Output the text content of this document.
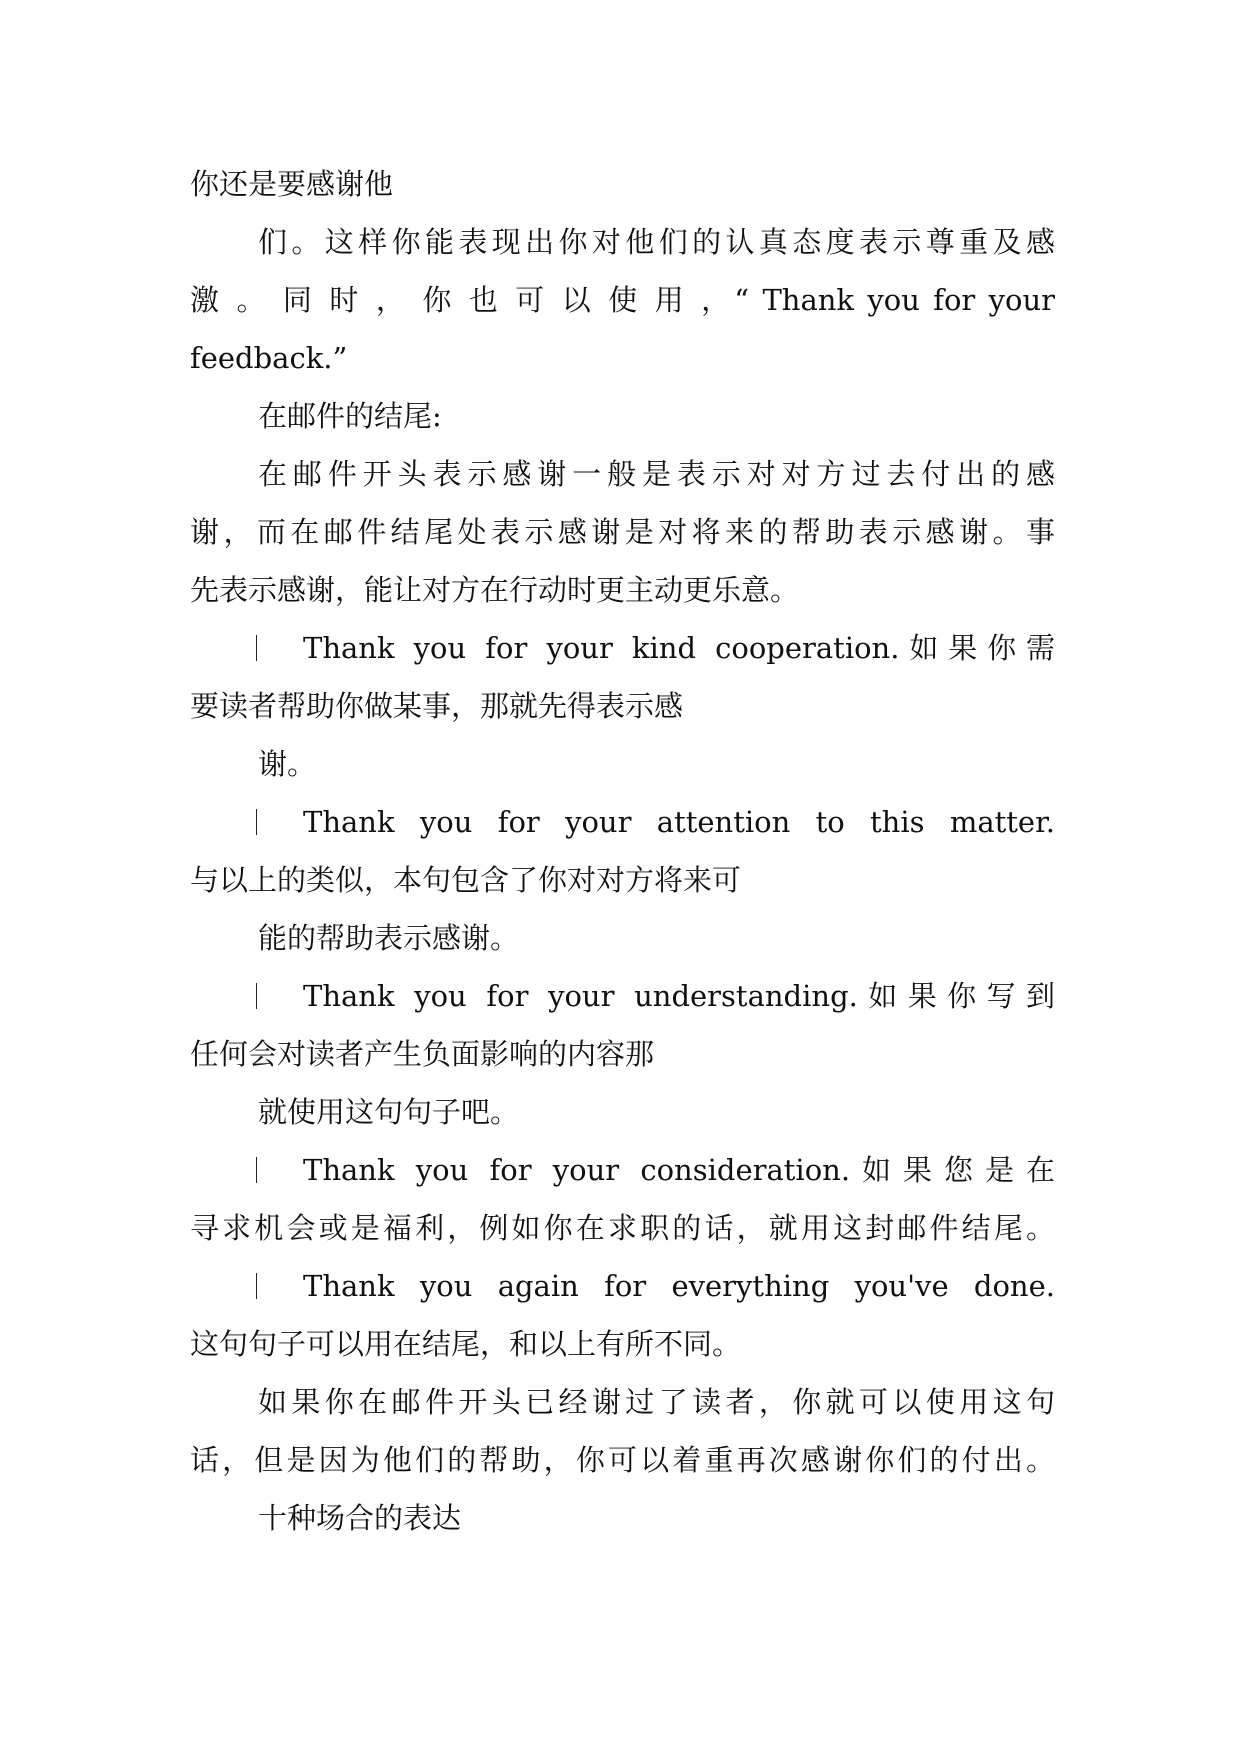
你还是要感谢他
们。这样你能表现出你对他们的认真态度表示尊重及感
激 。 同 时 ， 你 也 可 以 使 用 ，“ Thank you for your
feedback.”
在邮件的结尾:
在邮件开头表示感谢一般是表示对对方过去付出的感
谢，而在邮件结尾处表示感谢是对将来的帮助表示感谢。事
先表示感谢，能让对方在行动时更主动更乐意。
Thank you for your kind cooperation.如果你需
要读者帮助你做某事，那就先得表示感
谢。
Thank you for your attention to this matter.
与以上的类似，本句包含了你对对方将来可
能的帮助表示感谢。
Thank you for your understanding.如果你写到
任何会对读者产生负面影响的内容那
就使用这句句子吧。
Thank you for your consideration.如果您是在
寻求机会或是福利，例如你在求职的话，就用这封邮件结尾。
Thank you again for everything you've done.
这句句子可以用在结尾，和以上有所不同。
如果你在邮件开头已经谢过了读者，你就可以使用这句
话，但是因为他们的帮助，你可以着重再次感谢你们的付出。
十种场合的表达
